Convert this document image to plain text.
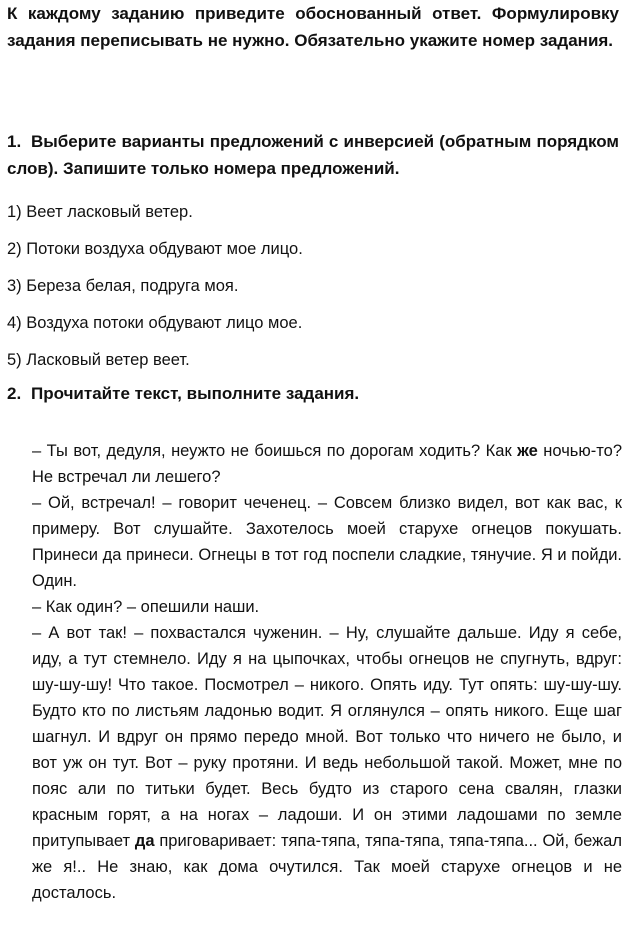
К каждому заданию приведите обоснованный ответ. Формулировку задания переписывать не нужно. Обязательно укажите номер задания.
1. Выберите варианты предложений с инверсией (обратным порядком слов). Запишите только номера предложений.
1) Веет ласковый ветер.
2) Потоки воздуха обдувают мое лицо.
3) Береза белая, подруга моя.
4) Воздуха потоки обдувают лицо мое.
5) Ласковый ветер веет.
2. Прочитайте текст, выполните задания.
– Ты вот, дедуля, неужто не боишься по дорогам ходить? Как же ночью-то? Не встречал ли лешего?
– Ой, встречал! – говорит чеченец. – Совсем близко видел, вот как вас, к примеру. Вот слушайте. Захотелось моей старухе огнецов покушать. Принеси да принеси. Огнецы в тот год поспели сладкие, тянучие. Я и пойди. Один.
– Как один? – опешили наши.
– А вот так! – похвастался чуженин. – Ну, слушайте дальше. Иду я себе, иду, а тут стемнело. Иду я на цыпочках, чтобы огнецов не спугнуть, вдруг: шу-шу-шу! Что такое. Посмотрел – никого. Опять иду. Тут опять: шу-шу-шу. Будто кто по листьям ладонью водит. Я оглянулся – опять никого. Еще шаг шагнул. И вдруг он прямо передо мной. Вот только что ничего не было, и вот уж он тут. Вот – руку протяни. И ведь небольшой такой. Может, мне по пояс али по титьки будет. Весь будто из старого сена свалян, глазки красным горят, а на ногах – ладоши. И он этими ладошами по земле притупывает да приговаривает: тяпа-тяпа, тяпа-тяпа, тяпа-тяпа... Ой, бежал же я!.. Не знаю, как дома очутился. Так моей старухе огнецов и не досталось.
